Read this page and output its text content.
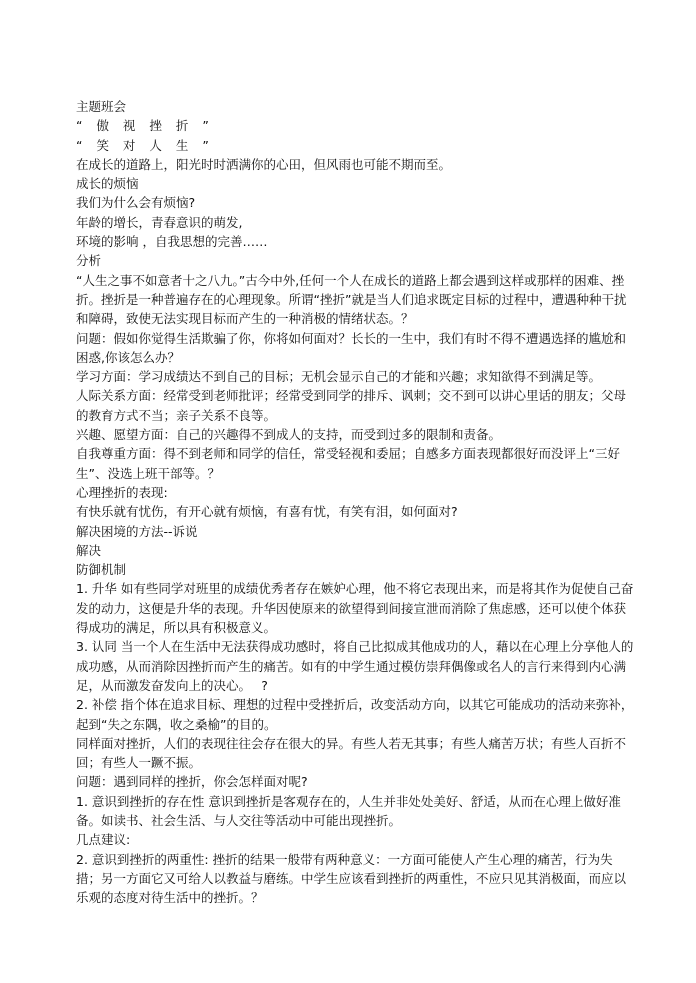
主题班会

“ 傲 视 挫 折 ”

“ 笑 对 人 生 ”

在成长的道路上，阳光时时洒满你的心田，但风雨也可能不期而至。

成长的烦恼

我们为什么会有烦恼?

年龄的增长，青春意识的萌发,

环境的影响 ，自我思想的完善……

分析

“人生之事不如意者十之八九。”古今中外,任何一个人在成长的道路上都会遇到这样或那样的困难、挫折。挫折是一种普遍存在的心理现象。所谓“挫折”就是当人们追求既定目标的过程中，遭遇种种干扰和障碍，致使无法实现目标而产生的一种消极的情绪状态。？

问题：假如你觉得生活欺骗了你，你将如何面对？长长的一生中，我们有时不得不遭遇选择的尴尬和困惑,你该怎么办？

学习方面：学习成绩达不到自己的目标；无机会显示自己的才能和兴趣；求知欲得不到满足等。

人际关系方面：经常受到老师批评；经常受到同学的排斥、讽刺；交不到可以讲心里话的朋友；父母的教育方式不当；亲子关系不良等。

兴趣、愿望方面：自己的兴趣得不到成人的支持，而受到过多的限制和责备。

自我尊重方面：得不到老师和同学的信任，常受轻视和委屈；自感多方面表现都很好而没评上“三好生”、没选上班干部等。？

心理挫折的表现:

有快乐就有忧伤，有开心就有烦恼，有喜有忧，有笑有泪，如何面对?

解决困境的方法--诉说

解决

防御机制

1. 升华 如有些同学对班里的成绩优秀者存在嫉妒心理，他不将它表现出来，而是将其作为促使自己奋发的动力，这便是升华的表现。升华因使原来的欲望得到间接宣泄而消除了焦虑感，还可以使个体获得成功的满足，所以具有积极意义。

3. 认同 当一个人在生活中无法获得成功感时，将自己比拟成其他成功的人，藉以在心理上分享他人的成功感，从而消除因挫折而产生的痛苦。如有的中学生通过模仿崇拜偶像或名人的言行来得到内心满足，从而激发奋发向上的决心。　 ?

2. 补偿 指个体在追求目标、理想的过程中受挫折后，改变活动方向，以其它可能成功的活动来弥补，起到“失之东隅，收之桑榆”的目的。

同样面对挫折，人们的表现往往会存在很大的异。有些人若无其事；有些人痛苦万状；有些人百折不回；有些人一蹶不振。

问题：遇到同样的挫折，你会怎样面对呢?

1. 意识到挫折的存在性 意识到挫折是客观存在的，人生并非处处美好、舒适，从而在心理上做好准备。如读书、社会生活、与人交往等活动中可能出现挫折。

几点建议:

2. 意识到挫折的两重性: 挫折的结果一般带有两种意义：一方面可能使人产生心理的痛苦，行为失措；另一方面它又可给人以教益与磨练。中学生应该看到挫折的两重性，不应只见其消极面，而应以乐观的态度对待生活中的挫折。？
